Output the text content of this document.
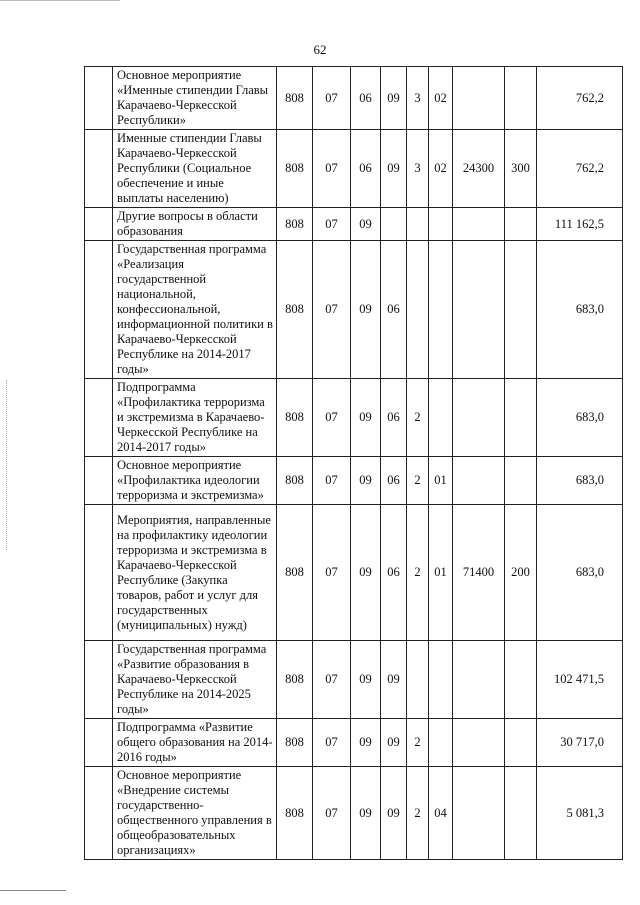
62
	Основное мероприятие «Именные стипендии Главы Карачаево-Черкесской Республики»	808	07	06	09	3	02			762,2
	Именные стипендии Главы Карачаево-Черкесской Республики (Социальное обеспечение и иные выплаты населению)	808	07	06	09	3	02	24300	300	762,2
	Другие вопросы в области образования	808	07	09						111 162,5
	Государственная программа «Реализация государственной национальной, конфессиональной, информационной политики в Карачаево-Черкесской Республике на 2014-2017 годы»	808	07	09	06					683,0
	Подпрограмма «Профилактика терроризма и экстремизма в Карачаево-Черкесской Республике на 2014-2017 годы»	808	07	09	06	2				683,0
	Основное мероприятие «Профилактика идеологии терроризма и экстремизма»	808	07	09	06	2	01			683,0
	Мероприятия, направленные на профилактику идеологии терроризма и экстремизма в Карачаево-Черкесской Республике (Закупка товаров, работ и услуг для государственных (муниципальных) нужд)	808	07	09	06	2	01	71400	200	683,0
	Государственная программа «Развитие образования в Карачаево-Черкесской Республике на 2014-2025 годы»	808	07	09	09					102 471,5
	Подпрограмма «Развитие общего образования на 2014-2016 годы»	808	07	09	09	2				30 717,0
	Основное мероприятие «Внедрение системы государственно-общественного управления в общеобразовательных организациях»	808	07	09	09	2	04			5 081,3
